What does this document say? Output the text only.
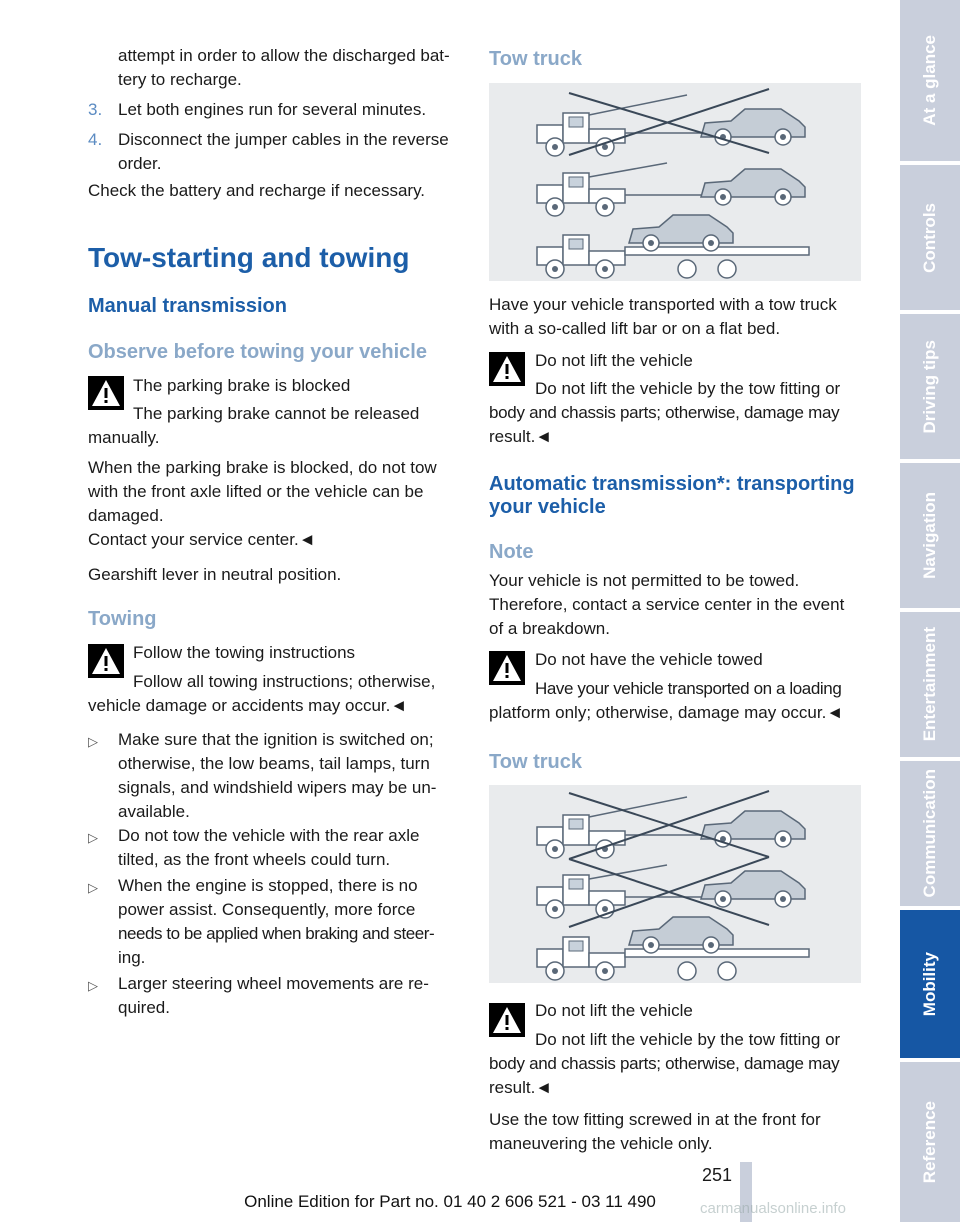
attempt in order to allow the discharged bat-

tery to recharge.

3. Let both engines run for several minutes.

4. Disconnect the jumper cables in the reverse

order.

Check the battery and recharge if necessary.

Tow-starting and towing
Manual transmission
Observe before towing your vehicle

The parking brake is blocked

The parking brake cannot be released

manually.

When the parking brake is blocked, do not tow

with the front axle lifted or the vehicle can be

damaged.

Contact your service center.◄

Gearshift lever in neutral position.

Towing

Follow the towing instructions

Follow all towing instructions; otherwise,

vehicle damage or accidents may occur.◄

▷	Make sure that the ignition is switched on;

otherwise, the low beams, tail lamps, turn

signals, and windshield wipers may be un-

available.

▷	Do not tow the vehicle with the rear axle

tilted, as the front wheels could turn.

▷	When the engine is stopped, there is no

power assist. Consequently, more force

needs to be applied when braking and steer-

ing.

▷	Larger steering wheel movements are re-

quired.

Tow truck

Have your vehicle transported with a tow truck

with a so-called lift bar or on a flat bed.

Do not lift the vehicle

Do not lift the vehicle by the tow fitting or

body and chassis parts; otherwise, damage may

result.◄

Automatic transmission*: transporting
your vehicle
Note

Your vehicle is not permitted to be towed.

Therefore, contact a service center in the event

of a breakdown.

Do not have the vehicle towed

Have your vehicle transported on a loading

platform only; otherwise, damage may occur.◄

Tow truck

Do not lift the vehicle

Do not lift the vehicle by the tow fitting or

body and chassis parts; otherwise, damage may

result.◄

Use the tow fitting screwed in at the front for

maneuvering the vehicle only.

At a glance
Controls
Driving tips
Navigation
Entertainment
Communication
Mobility
Reference
251
Online Edition for Part no. 01 40 2 606 521 - 03 11 490	carmanualsonline.info
